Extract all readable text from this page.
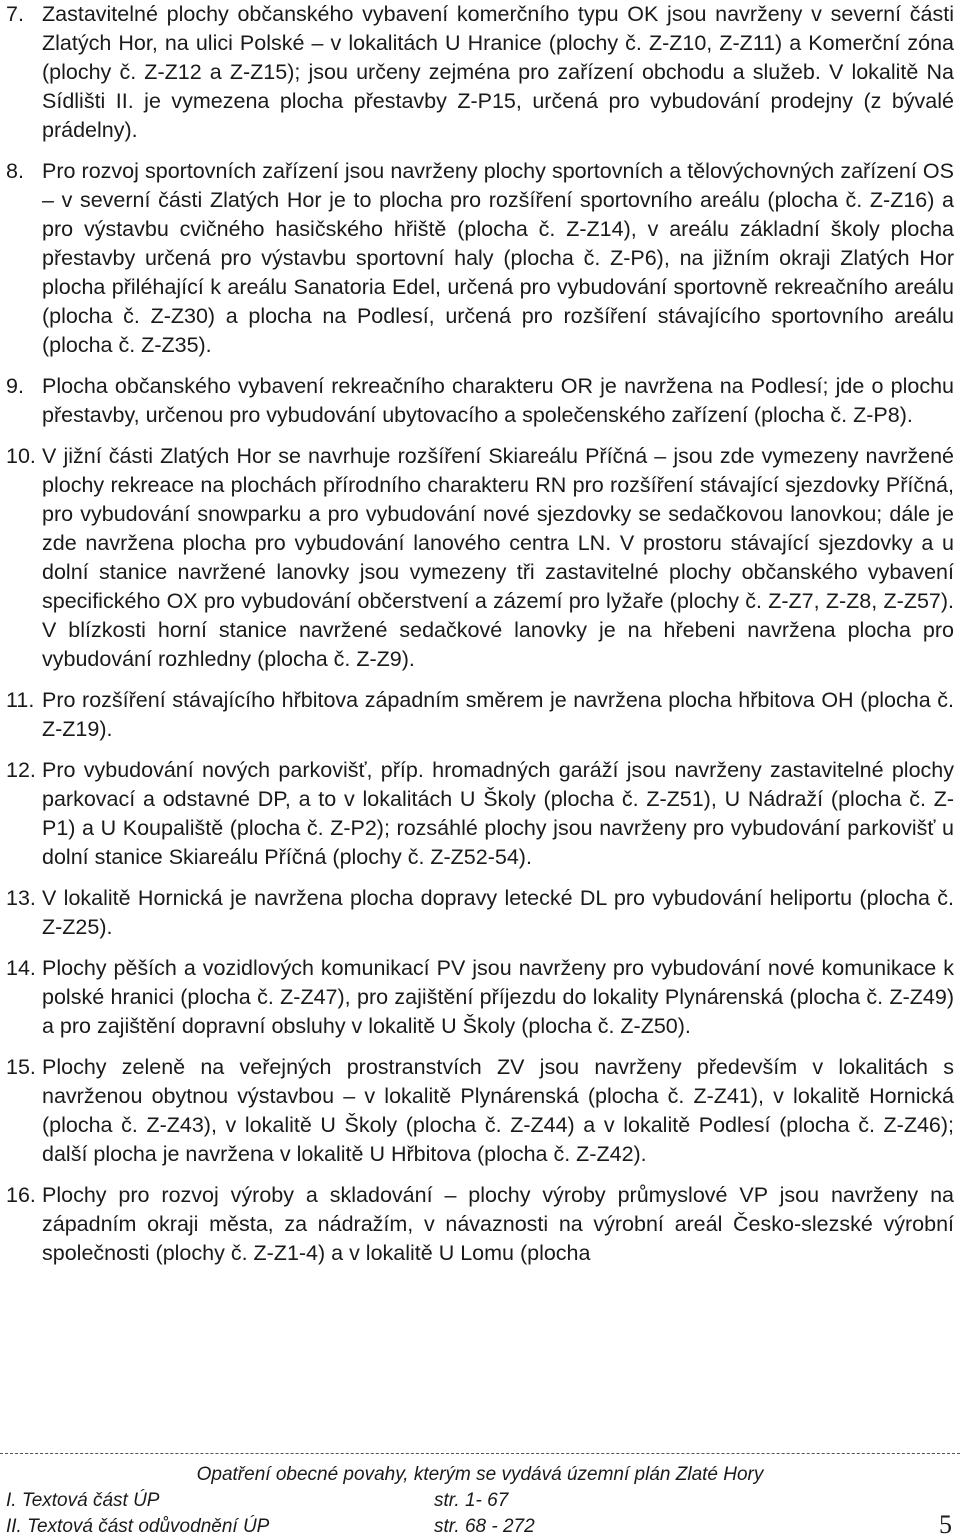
7. Zastavitelné plochy občanského vybavení komerčního typu OK jsou navrženy v severní části Zlatých Hor, na ulici Polské – v lokalitách U Hranice (plochy č. Z-Z10, Z-Z11) a Komerční zóna (plochy č. Z-Z12 a Z-Z15); jsou určeny zejména pro zařízení obchodu a služeb. V lokalitě Na Sídlišti II. je vymezena plocha přestavby Z-P15, určená pro vybudování prodejny (z bývalé prádelny).

8. Pro rozvoj sportovních zařízení jsou navrženy plochy sportovních a tělovýchovných zařízení OS – v severní části Zlatých Hor je to plocha pro rozšíření sportovního areálu (plocha č. Z-Z16) a pro výstavbu cvičného hasičského hřiště (plocha č. Z-Z14), v areálu základní školy plocha přestavby určená pro výstavbu sportovní haly (plocha č. Z-P6), na jižním okraji Zlatých Hor plocha přiléhající k areálu Sanatoria Edel, určená pro vybudování sportovně rekreačního areálu (plocha č. Z-Z30) a plocha na Podlesí, určená pro rozšíření stávajícího sportovního areálu (plocha č. Z-Z35).

9. Plocha občanského vybavení rekreačního charakteru OR je navržena na Podlesí; jde o plochu přestavby, určenou pro vybudování ubytovacího a společenského zařízení (plocha č. Z-P8).

10. V jižní části Zlatých Hor se navrhuje rozšíření Skiareálu Příčná – jsou zde vymezeny navržené plochy rekreace na plochách přírodního charakteru RN pro rozšíření stávající sjezdovky Příčná, pro vybudování snowparku a pro vybudování nové sjezdovky se sedačkovou lanovkou; dále je zde navržena plocha pro vybudování lanového centra LN. V prostoru stávající sjezdovky a u dolní stanice navržené lanovky jsou vymezeny tři zastavitelné plochy občanského vybavení specifického OX pro vybudování občerstvení a zázemí pro lyžaře (plochy č. Z-Z7, Z-Z8, Z-Z57). V blízkosti horní stanice navržené sedačkové lanovky je na hřebeni navržena plocha pro vybudování rozhledny (plocha č. Z-Z9).

11. Pro rozšíření stávajícího hřbitova západním směrem je navržena plocha hřbitova OH (plocha č. Z-Z19).

12. Pro vybudování nových parkovišť, příp. hromadných garáží jsou navrženy zastavitelné plochy parkovací a odstavné DP, a to v lokalitách U Školy (plocha č. Z-Z51), U Nádraží (plocha č. Z-P1) a U Koupaliště (plocha č. Z-P2); rozsáhlé plochy jsou navrženy pro vybudování parkovišť u dolní stanice Skiareálu Příčná (plochy č. Z-Z52-54).

13. V lokalitě Hornická je navržena plocha dopravy letecké DL pro vybudování heliportu (plocha č. Z-Z25).

14. Plochy pěších a vozidlových komunikací PV jsou navrženy pro vybudování nové komunikace k polské hranici (plocha č. Z-Z47), pro zajištění příjezdu do lokality Plynárenská (plocha č. Z-Z49) a pro zajištění dopravní obsluhy v lokalitě U Školy (plocha č. Z-Z50).

15. Plochy zeleně na veřejných prostranstvích ZV jsou navrženy především v lokalitách s navrženou obytnou výstavbou – v lokalitě Plynárenská (plocha č. Z-Z41), v lokalitě Hornická (plocha č. Z-Z43), v lokalitě U Školy (plocha č. Z-Z44) a v lokalitě Podlesí (plocha č. Z-Z46); další plocha je navržena v lokalitě U Hřbitova (plocha č. Z-Z42).

16. Plochy pro rozvoj výroby a skladování – plochy výroby průmyslové VP jsou navrženy na západním okraji města, za nádražím, v návaznosti na výrobní areál Česko-slezské výrobní společnosti (plochy č. Z-Z1-4) a v lokalitě U Lomu (plocha

Opatření obecné povahy, kterým se vydává územní plán Zlaté Hory
I. Textová část ÚP	str. 1- 67
II. Textová část odůvodnění ÚP	str. 68 - 272	5
